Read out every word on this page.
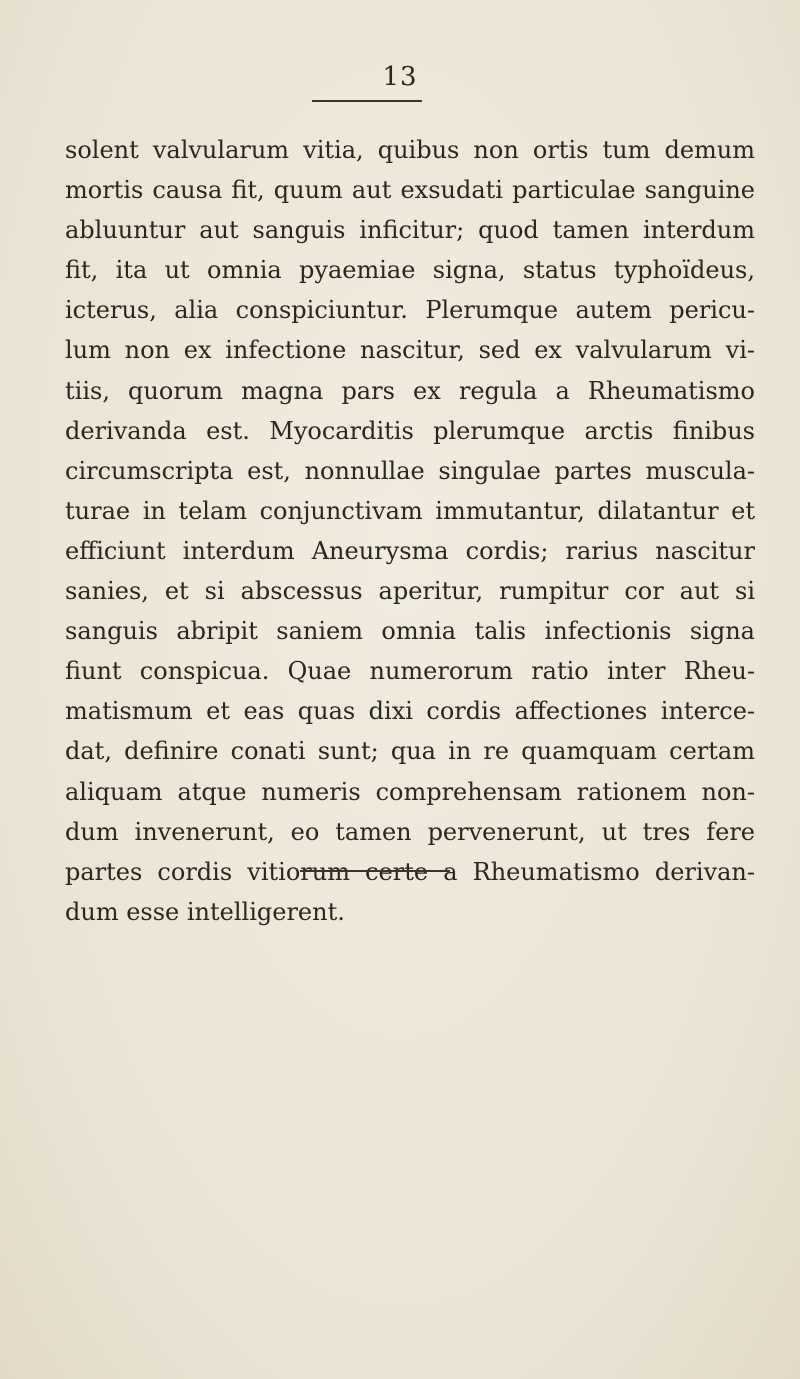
13
solent valvularum vitia, quibus non ortis tum demum
mortis causa fit, quum aut exsudati particulae sanguine
abluuntur aut sanguis inficitur; quod tamen interdum
fit, ita ut omnia pyaemiae signa, status typhoïdeus,
icterus, alia conspiciuntur. Plerumque autem pericu-
lum non ex infectione nascitur, sed ex valvularum vi-
tiis, quorum magna pars ex regula a Rheumatismo
derivanda est. Myocarditis plerumque arctis finibus
circumscripta est, nonnullae singulae partes muscula-
turae in telam conjunctivam immutantur, dilatantur et
efficiunt interdum Aneurysma cordis; rarius nascitur
sanies, et si abscessus aperitur, rumpitur cor aut si
sanguis abripit saniem omnia talis infectionis signa
fiunt conspicua. Quae numerorum ratio inter Rheu-
matismum et eas quas dixi cordis affectiones interce-
dat, definire conati sunt; qua in re quamquam certam
aliquam atque numeris comprehensam rationem non-
dum invenerunt, eo tamen pervenerunt, ut tres fere
partes cordis vitiorum certe a Rheumatismo derivan-
dum esse intelligerent.
